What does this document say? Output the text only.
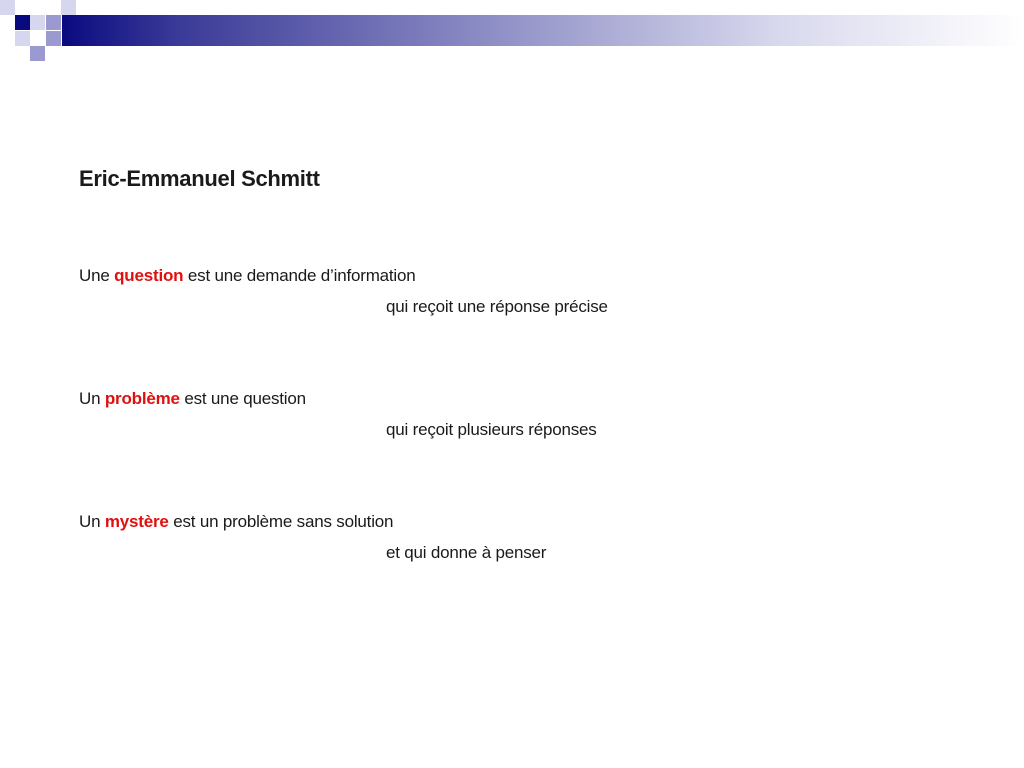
Eric-Emmanuel Schmitt
Une question est une demande d’information
qui reçoit une réponse précise
Un problème est une question
qui reçoit plusieurs réponses
Un mystère est un problème sans solution
et qui donne à penser
